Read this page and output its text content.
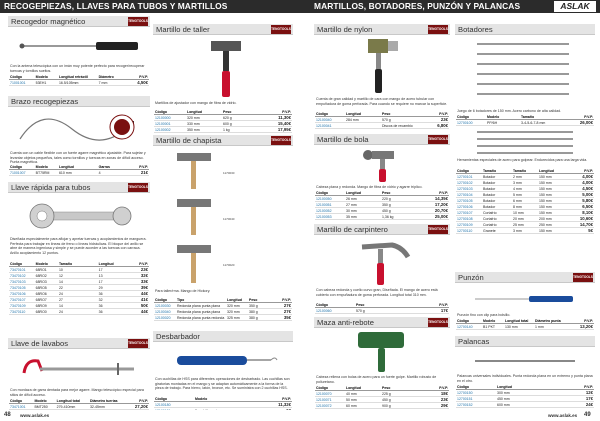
RECOGEPIEZAS, LLAVES PARA TUBOS Y MARTILLOS	MARTILLOS, BOTADORES, PUNZÓN Y PALANCAS	ASLAK
Recogedor magnético	TENGTOOLS
Con la antena telescópica con un imán muy potente perfecto para recoger/recuperar tuercas y tornillos sueltos.
Código	Modelo	Longitud retráctil	Diámetro	P.V.P.
71001001	53EH1	16.5/105mm	7 mm	4,50€
Brazo recogepiezas
Cuenta con un cable flexible con un fuerte agarre magnético ajustable. Para sujetar y levantar objetos pequeños, tales como tornillos y tuercas en zonas de difícil acceso. Punta magnética.
Código	Modelo	Longitud	Garras	P.V.P.
71001007	BT75RM	610 mm	4	21€
Llave rápida para tubos	TENGTOOLS
Diseñada especialmente para aflojar y apretar tuercas y acoplamientos de manguera. Perfecta para trabajar en líneas de freno o líneas hidráulicas. El bloque del anillo se abre de manera ingeniosa y simple y se puede acceder a las tuercas con carraca. Anillo acoplamiento 12 puntos.
Código	Modelo	Tamaño	Longitud	P.V.P.
73470101	68RO1	10	17	23€
73470102	68RO2	12	13	32€
73470103	68RO3	14	17	33€
73470105	68RO5	22	29	39€
73470106	68RO6	24	36	44€
73470107	68RO7	27	32	41€
73470109	68RO9	14	36	50€
73470110	68RO0	24	36	44€
Llave de lavabos	TENGTOOLS
Con mordaza de garra dentada para mejor agarre. Mango telescópico especial para sitios de difícil acceso.
Código	Modelo	Longitud total	Diámetro tuerías	P.V.P.
73471001	BMT250	279-410mm	32-45mm	27,20€
Martillo de taller	TENGTOOLS
Martillos de ajustador con mango de fibra de vidrio.
Código	Longitud	Peso	P.V.P.
12100000	320 mm	620 g	11,30€
12100001	330 mm	600 g	15,40€
12100002	350 mm	1 kg	17,95€
Martillo de chapista	TENGTOOLS
1170030
1170040
1170020
Para taller/rma. Mango de Hickory.
Código	Tipo	Longitud	Peso	P.V.P.
12100030	Redonda plana punta plana	320 mm	350 g	27€
12100040	Redonda plana punta plana	320 mm	380 g	27€
12100020	Redonda plana punta redonda	325 mm	380 g	35€
Desbarbador
Con cuchillas de HSS para diferentes operaciones de desbarbado. Las cuchillas son giratorias montadas en el mango y se adaptan automáticamente a la forma de la pieza de trabajo. Para hierro, latón, bronce, etc. Se suministra con 2 cuchillas HSS.
Código	Modelo	P.V.P.
12100180		11,32€

Martillo de nylon	TENGTOOLS
Cuenta de gran calidad y martillo de cara con mango de acero tubular con empuñadura de goma perforada. Para cuando se requiere no marcar la superficie.
Código	Longitud	Peso	P.V.P.
12100040	284 mm	570 g	23€
12100041		Discos de recambio	6,80€
Martillo de bola	TENGTOOLS
Cabeza plana y redonda. Mango de fibra de vidrio y agarre tríplico.
Código	Longitud	Peso	P.V.P.
12100050	26 mm	220 g	14,35€
12100051	27 mm	350 g	17,20€
12100052	30 mm	450 g	20,70€
12100053	35 mm	1,36 kg	25,00€
Martillo de carpintero	TENGTOOLS
Con cabeza redonda y cuello curvo gran, Diseñada. El mango de acero está cubierto con empuñadura de goma perforada. Longitud total 310 mm.
Código	Peso	P.V.P.
12100060	570 g	17€
Maza anti-rebote	TENGTOOLS
Cabeza rellena con bolas de acero para un fuerte golpe. Martillo robusto de poliuretano.
Código	Longitud	Peso	P.V.P.
12100070	40 mm	225 g	18€
12100071	50 mm	450 g	23€
12100072	60 mm	900 g	29€

Botadores
Juego de 6 botadores de 150 mm. Acero carbono de alta calidad.
Código	Modelo	Tamaño	P.V.P.
12700100	PP/6H	3-4-5-6-7-8 mm	26,00€
Herramientas especiales de acero para golpear. Endurecidos para una larga vida.
Código	Tamaño	Tamaño	Longitud	P.V.P.
12700101	Botador	2 mm	150 mm	4,00€
12700102	Botador	3 mm	150 mm	4,00€
12700103	Botador	4 mm	150 mm	4,50€
12700104	Botador	5 mm	150 mm	5,00€
12700105	Botador	6 mm	150 mm	5,80€
12700106	Botador	8 mm	150 mm	6,50€
12700107	Cortafrío	10 mm	150 mm	8,10€
12700108	Cortafrío	20 mm	200 mm	10,60€
12700109	Cortafrío	25 mm	250 mm	14,70€
12700110	Granete	3 mm	150 mm	5€
Punzón	TENGTOOLS
Punzón fino con clip para bolsillo.
Código	Modelo	Longitud total	Diámetro punta	P.V.P.
12700140	B1 PKT	130 mm	1 mm	13,20€
Palancas
Palancas universales individuales. Punta redonda plana en un extremo y punta plana en el otro.
Código	Longitud	P.V.P.
12700150	300 mm	12€
12700151	450 mm	17€
12700152	600 mm	24€
48 www.aslak.es	www.aslak.es 49
